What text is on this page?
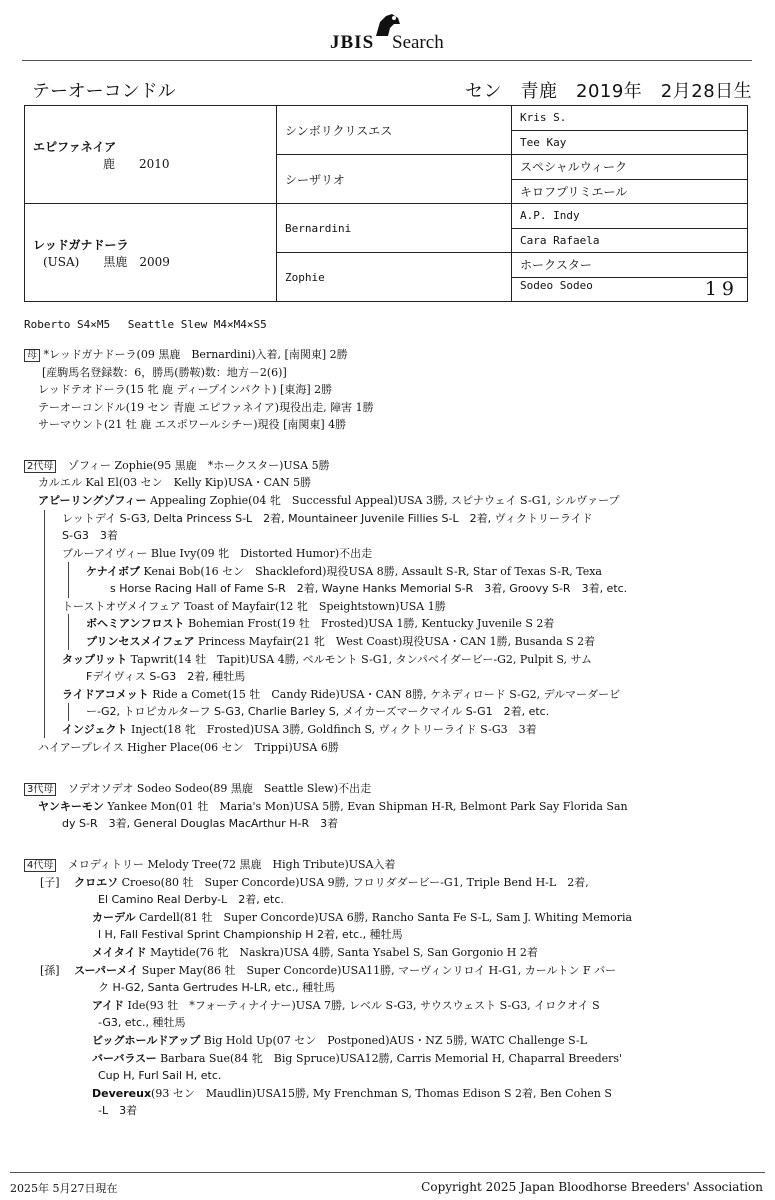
JBIS Search
テーオーコンドル	セン　青鹿　2019年　2月28日生
エピファネイア
鹿　　2010	シンボリクリスエス	Kris S.
		Tee Kay
	シーザリオ	スペシャルウィーク
		キロフプリミエール

レッドガナドーラ
(USA)　　黒鹿　2009	Bernardini	A.P. Indy
		Cara Rafaela
	Zophie	ホークスター
		Sodeo Sodeo 19
Roberto S4×M5　 Seattle Slew M4×M4×S5
母 *レッドガナドーラ(09 黒鹿　Bernardini)入着, [南関東] 2勝
[産駒馬名登録数：6，勝馬(勝鞍)数：地方－2(6)]
レッドテオドーラ(15 牝 鹿 ディープインパクト) [東海] 2勝
テーオーコンドル(19 セン 青鹿 エピファネイア)現役出走, 障害 1勝
サーマウント(21 牡 鹿 エスポワールシチー)現役 [南関東] 4勝
2代母 ゾフィー Zophie(95 黒鹿　*ホークスター)USA 5勝
カルエル Kal El(03 セン　Kelly Kip)USA・CAN 5勝
アピーリングゾフィー Appealing Zophie(04 牝　Successful Appeal)USA 3勝, スピナウェイ S-G1, シルヴァープ
レットデイ S-G3, Delta Princess S-L　2着, Mountaineer Juvenile Fillies S-L　2着, ヴィクトリーライド
S-G3　3着
ブルーアイヴィー Blue Ivy(09 牝　Distorted Humor)不出走
ケナイボブ Kenai Bob(16 セン　Shackleford)現役USA 8勝, Assault S-R, Star of Texas S-R, Texa
s Horse Racing Hall of Fame S-R　2着, Wayne Hanks Memorial S-R　3着, Groovy S-R　3着, etc.
トーストオヴメイフェア Toast of Mayfair(12 牝　Speightstown)USA 1勝
ボヘミアンフロスト Bohemian Frost(19 牡　Frosted)USA 1勝, Kentucky Juvenile S 2着
プリンセスメイフェア Princess Mayfair(21 牝　West Coast)現役USA・CAN 1勝, Busanda S 2着
タップリット Tapwrit(14 牡　Tapit)USA 4勝, ベルモント S-G1, タンパベイダービー-G2, Pulpit S, サム
Fデイヴィス S-G3　2着, 種牡馬
ライドアコメット Ride a Comet(15 牡　Candy Ride)USA・CAN 8勝, ケネディロード S-G2, デルマーダービ
ー-G2, トロピカルターフ S-G3, Charlie Barley S, メイカーズマークマイル S-G1　2着, etc.
インジェクト Inject(18 牝　Frosted)USA 3勝, Goldfinch S, ヴィクトリーライド S-G3　3着
ハイアープレイス Higher Place(06 セン　Trippi)USA 6勝
3代母 ソデオソデオ Sodeo Sodeo(89 黒鹿　Seattle Slew)不出走
ヤンキーモン Yankee Mon(01 牡　Maria's Mon)USA 5勝, Evan Shipman H-R, Belmont Park Say Florida San
dy S-R　3着, General Douglas MacArthur H-R　3着
4代母 メロディトリー Melody Tree(72 黒鹿　High Tribute)USA入着
[子]　 クロエソ Croeso(80 牡　Super Concorde)USA 9勝, フロリダダービー-G1, Triple Bend H-L　2着,
El Camino Real Derby-L　2着, etc.
カーデル Cardell(81 牡　Super Concorde)USA 6勝, Rancho Santa Fe S-L, Sam J. Whiting Memoria
l H, Fall Festival Sprint Championship H 2着, etc., 種牡馬
メイタイド Maytide(76 牝　Naskra)USA 4勝, Santa Ysabel S, San Gorgonio H 2着
[孫]　 スーパーメイ Super May(86 牡　Super Concorde)USA11勝, マーヴィンリロイ H-G1, カールトン F バー
ク H-G2, Santa Gertrudes H-LR, etc., 種牡馬
アイド Ide(93 牡　*フォーティナイナー)USA 7勝, レベル S-G3, サウスウェスト S-G3, イロクオイ S
-G3, etc., 種牡馬
ビッグホールドアップ Big Hold Up(07 セン　Postponed)AUS・NZ 5勝, WATC Challenge S-L
バーバラスー Barbara Sue(84 牝　Big Spruce)USA12勝, Carris Memorial H, Chaparral Breeders'
Cup H, Furl Sail H, etc.
Devereux(93 セン　Maudlin)USA15勝, My Frenchman S, Thomas Edison S 2着, Ben Cohen S
-L　3着
2025年 5月27日現在	Copyright 2025 Japan Bloodhorse Breeders' Association
